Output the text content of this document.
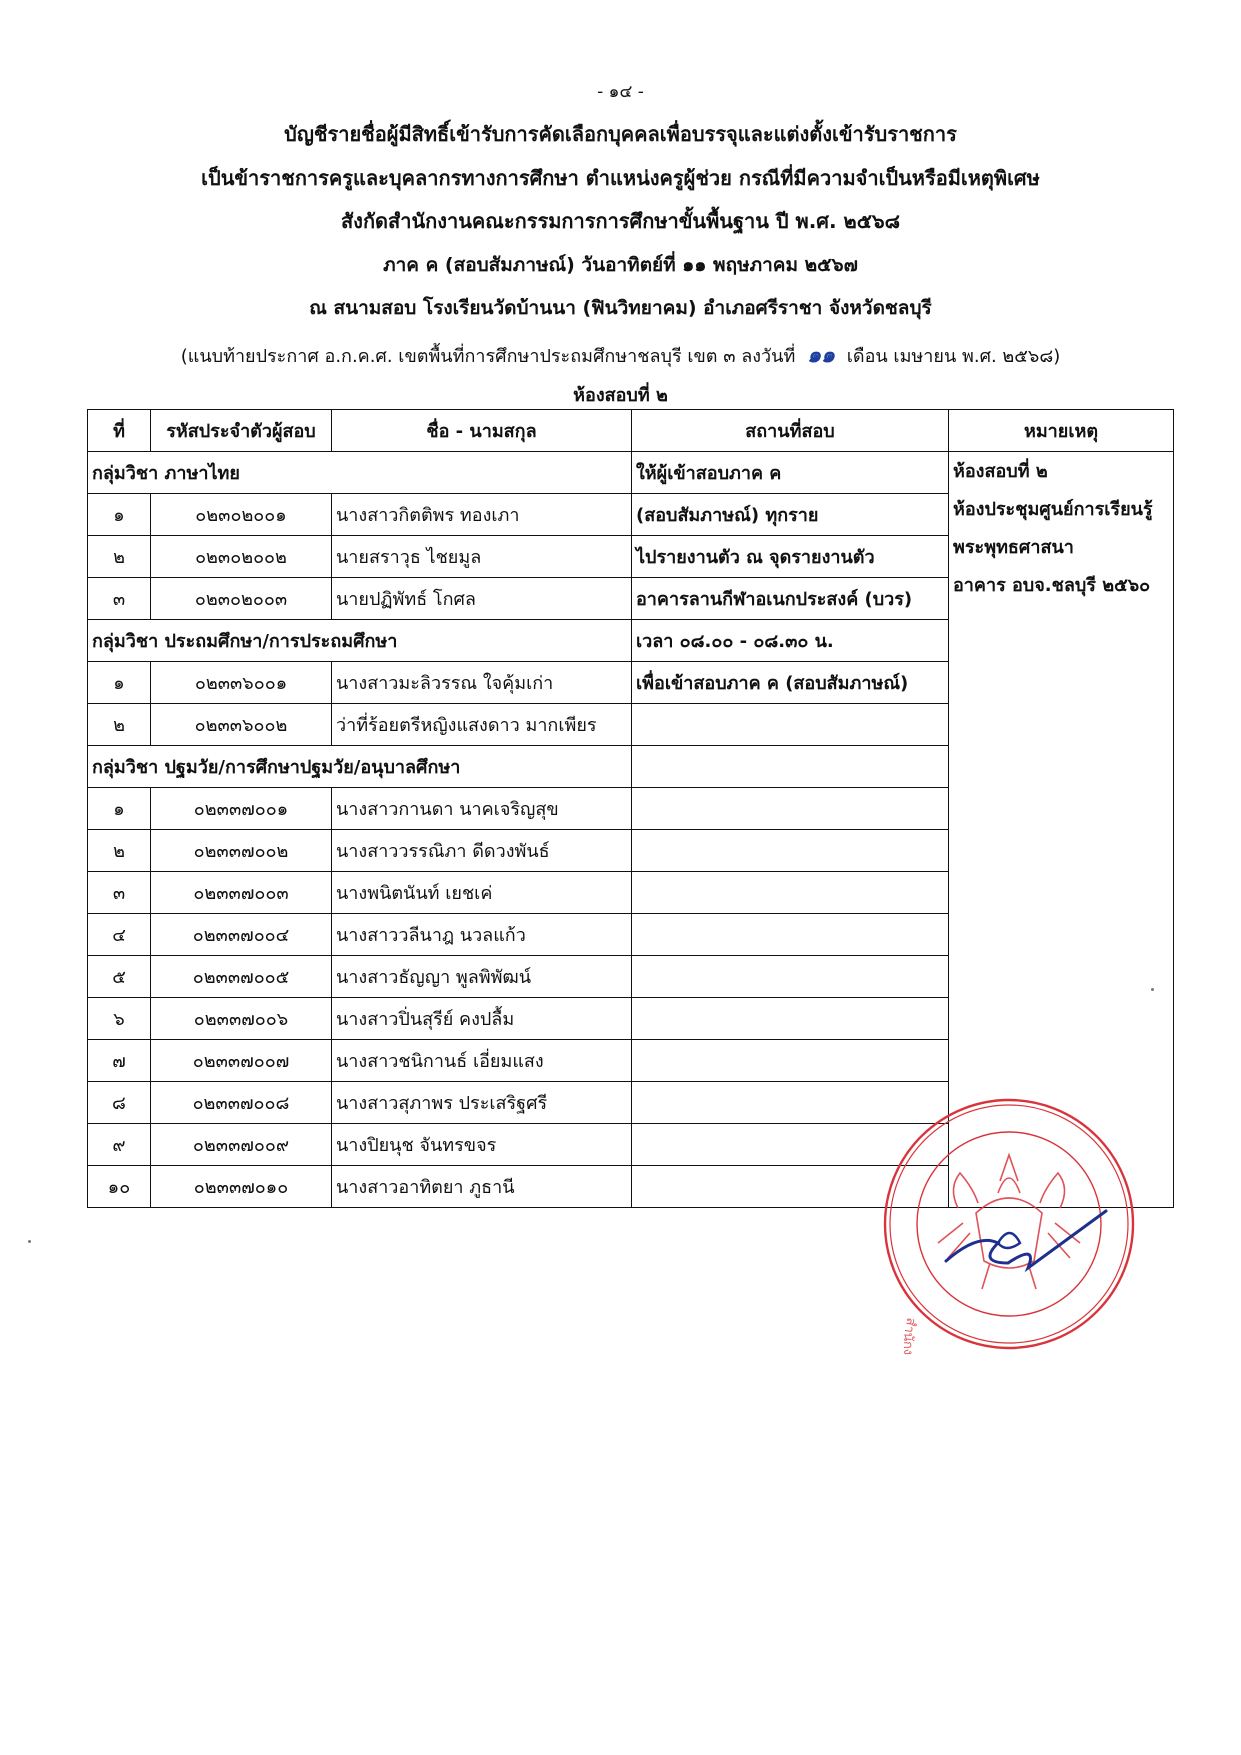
- ๑๔ -
บัญชีรายชื่อผู้มีสิทธิ์เข้ารับการคัดเลือกบุคคลเพื่อบรรจุและแต่งตั้งเข้ารับราชการ
เป็นข้าราชการครูและบุคลากรทางการศึกษา ตำแหน่งครูผู้ช่วย กรณีที่มีความจำเป็นหรือมีเหตุพิเศษ
สังกัดสำนักงานคณะกรรมการการศึกษาขั้นพื้นฐาน ปี พ.ศ. ๒๕๖๘
ภาค ค (สอบสัมภาษณ์) วันอาทิตย์ที่ ๑๑ พฤษภาคม ๒๕๖๗
ณ สนามสอบ โรงเรียนวัดบ้านนา (ฟินวิทยาคม) อำเภอศรีราชา จังหวัดชลบุรี
(แนบท้ายประกาศ อ.ก.ค.ศ. เขตพื้นที่การศึกษาประถมศึกษาชลบุรี เขต ๓ ลงวันที่ ๑๑ เดือน เมษายน พ.ศ. ๒๕๖๘)
ห้องสอบที่ ๒
ที่	รหัสประจำตัวผู้สอบ	ชื่อ - นามสกุล	สถานที่สอบ	หมายเหตุ
กลุ่มวิชา ภาษาไทย			ให้ผู้เข้าสอบภาค ค	ห้องสอบที่ ๒
ห้องประชุมศูนย์การเรียนรู้
พระพุทธศาสนา
อาคาร อบจ.ชลบุรี ๒๕๖๐

๑	๐๒๓๐๒๐๐๑	นางสาวกิตติพร ทองเภา	(สอบสัมภาษณ์) ทุกราย	
๒	๐๒๓๐๒๐๐๒	นายสราวุธ ไชยมูล	ไปรายงานตัว ณ จุดรายงานตัว	
๓	๐๒๓๐๒๐๐๓	นายปฏิพัทธ์ โกศล	อาคารลานกีฬาอเนกประสงค์ (บวร)	
กลุ่มวิชา ประถมศึกษา/การประถมศึกษา			เวลา ๐๘.๐๐ - ๐๘.๓๐ น.	
๑	๐๒๓๓๖๐๐๑	นางสาวมะลิวรรณ ใจคุ้มเก่า	เพื่อเข้าสอบภาค ค (สอบสัมภาษณ์)	
๒	๐๒๓๓๖๐๐๒	ว่าที่ร้อยตรีหญิงแสงดาว มากเพียร		
กลุ่มวิชา ปฐมวัย/การศึกษาปฐมวัย/อนุบาลศึกษา				
๑	๐๒๓๓๗๐๐๑	นางสาวกานดา นาคเจริญสุข		
๒	๐๒๓๓๗๐๐๒	นางสาววรรณิภา ดีดวงพันธ์		
๓	๐๒๓๓๗๐๐๓	นางพนิตนันท์ เยชเค่		
๔	๐๒๓๓๗๐๐๔	นางสาววลีนาฎ นวลแก้ว		
๕	๐๒๓๓๗๐๐๕	นางสาวธัญญา พูลพิพัฒน์		
๖	๐๒๓๓๗๐๐๖	นางสาวปิ่นสุรีย์ คงปลื้ม		
๗	๐๒๓๓๗๐๐๗	นางสาวชนิกานธ์ เอี่ยมแสง		
๘	๐๒๓๓๗๐๐๘	นางสาวสุภาพร ประเสริฐศรี		
๙	๐๒๓๓๗๐๐๙	นางปิยนุช จันทรขจร		
๑๐	๐๒๓๓๗๐๑๐	นางสาวอาทิตยา ภูธานี		
สำนักง
